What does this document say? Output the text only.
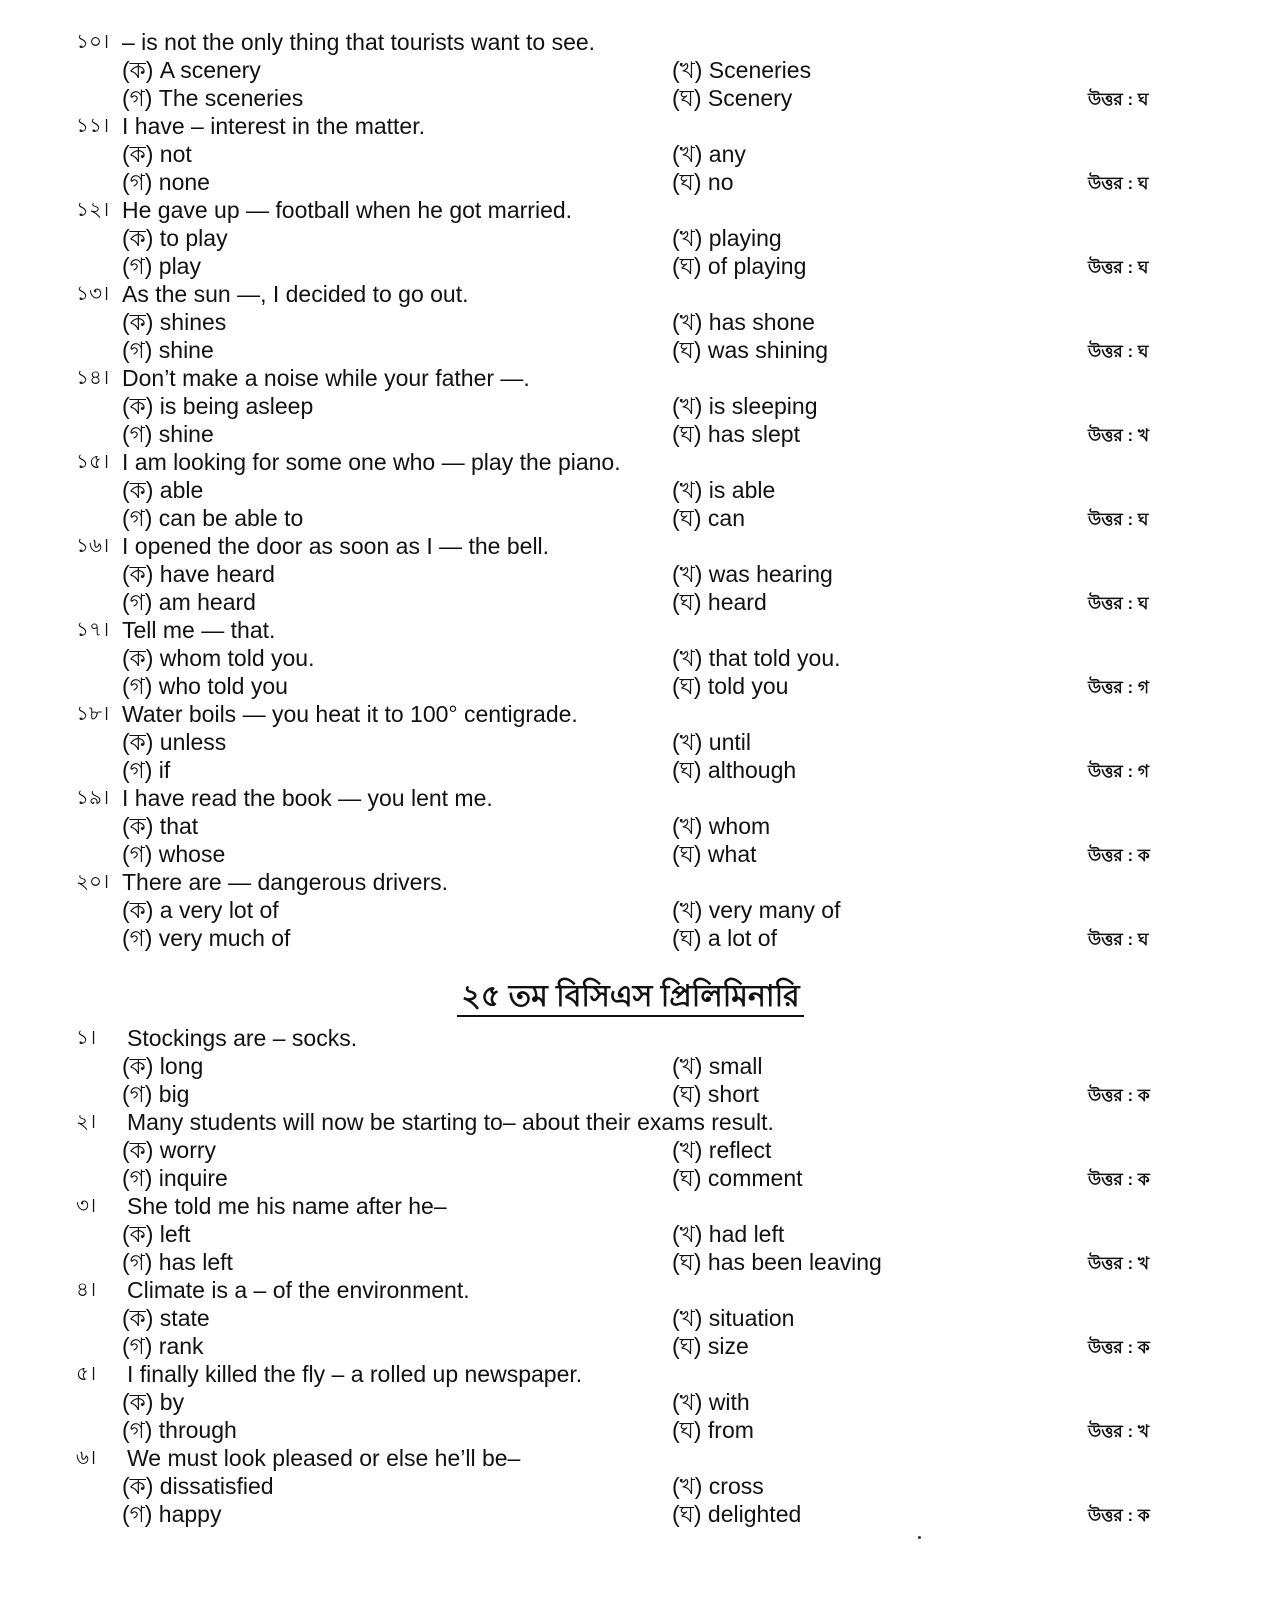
১০। – is not the only thing that tourists want to see.
(ক) A scenery	(খ) Sceneries
(গ) The sceneries	(ঘ) Scenery	উত্তর : ঘ
১১। I have – interest in the matter.
(ক) not	(খ) any
(গ) none	(ঘ) no	উত্তর : ঘ
১২। He gave up — football when he got married.
(ক) to play	(খ) playing
(গ) play	(ঘ) of playing	উত্তর : ঘ
১৩। As the sun —, I decided to go out.
(ক) shines	(খ) has shone
(গ) shine	(ঘ) was shining	উত্তর : ঘ
১৪। Don’t make a noise while your father —.
(ক) is being asleep	(খ) is sleeping
(গ) shine	(ঘ) has slept	উত্তর : খ
১৫। I am looking for some one who — play the piano.
(ক) able	(খ) is able
(গ) can be able to	(ঘ) can	উত্তর : ঘ
১৬। I opened the door as soon as I — the bell.
(ক) have heard	(খ) was hearing
(গ) am heard	(ঘ) heard	উত্তর : ঘ
১৭। Tell me — that.
(ক) whom told you.	(খ) that told you.
(গ) who told you	(ঘ) told you	উত্তর : গ
১৮। Water boils — you heat it to 100° centigrade.
(ক) unless	(খ) until
(গ) if	(ঘ) although	উত্তর : গ
১৯। I have read the book — you lent me.
(ক) that	(খ) whom
(গ) whose	(ঘ) what	উত্তর : ক
২০। There are — dangerous drivers.
(ক) a very lot of	(খ) very many of
(গ) very much of	(ঘ) a lot of	উত্তর : ঘ
২৫ তম বিসিএস প্রিলিমিনারি
১। Stockings are – socks.
(ক) long	(খ) small
(গ) big	(ঘ) short	উত্তর : ক
২। Many students will now be starting to– about their exams result.
(ক) worry	(খ) reflect
(গ) inquire	(ঘ) comment	উত্তর : ক
৩। She told me his name after he–
(ক) left	(খ) had left
(গ) has left	(ঘ) has been leaving	উত্তর : খ
৪। Climate is a – of the environment.
(ক) state	(খ) situation
(গ) rank	(ঘ) size	উত্তর : ক
৫। I finally killed the fly – a rolled up newspaper.
(ক) by	(খ) with
(গ) through	(ঘ) from	উত্তর : খ
৬। We must look pleased or else he’ll be–
(ক) dissatisfied	(খ) cross
(গ) happy	(ঘ) delighted	উত্তর : ক
